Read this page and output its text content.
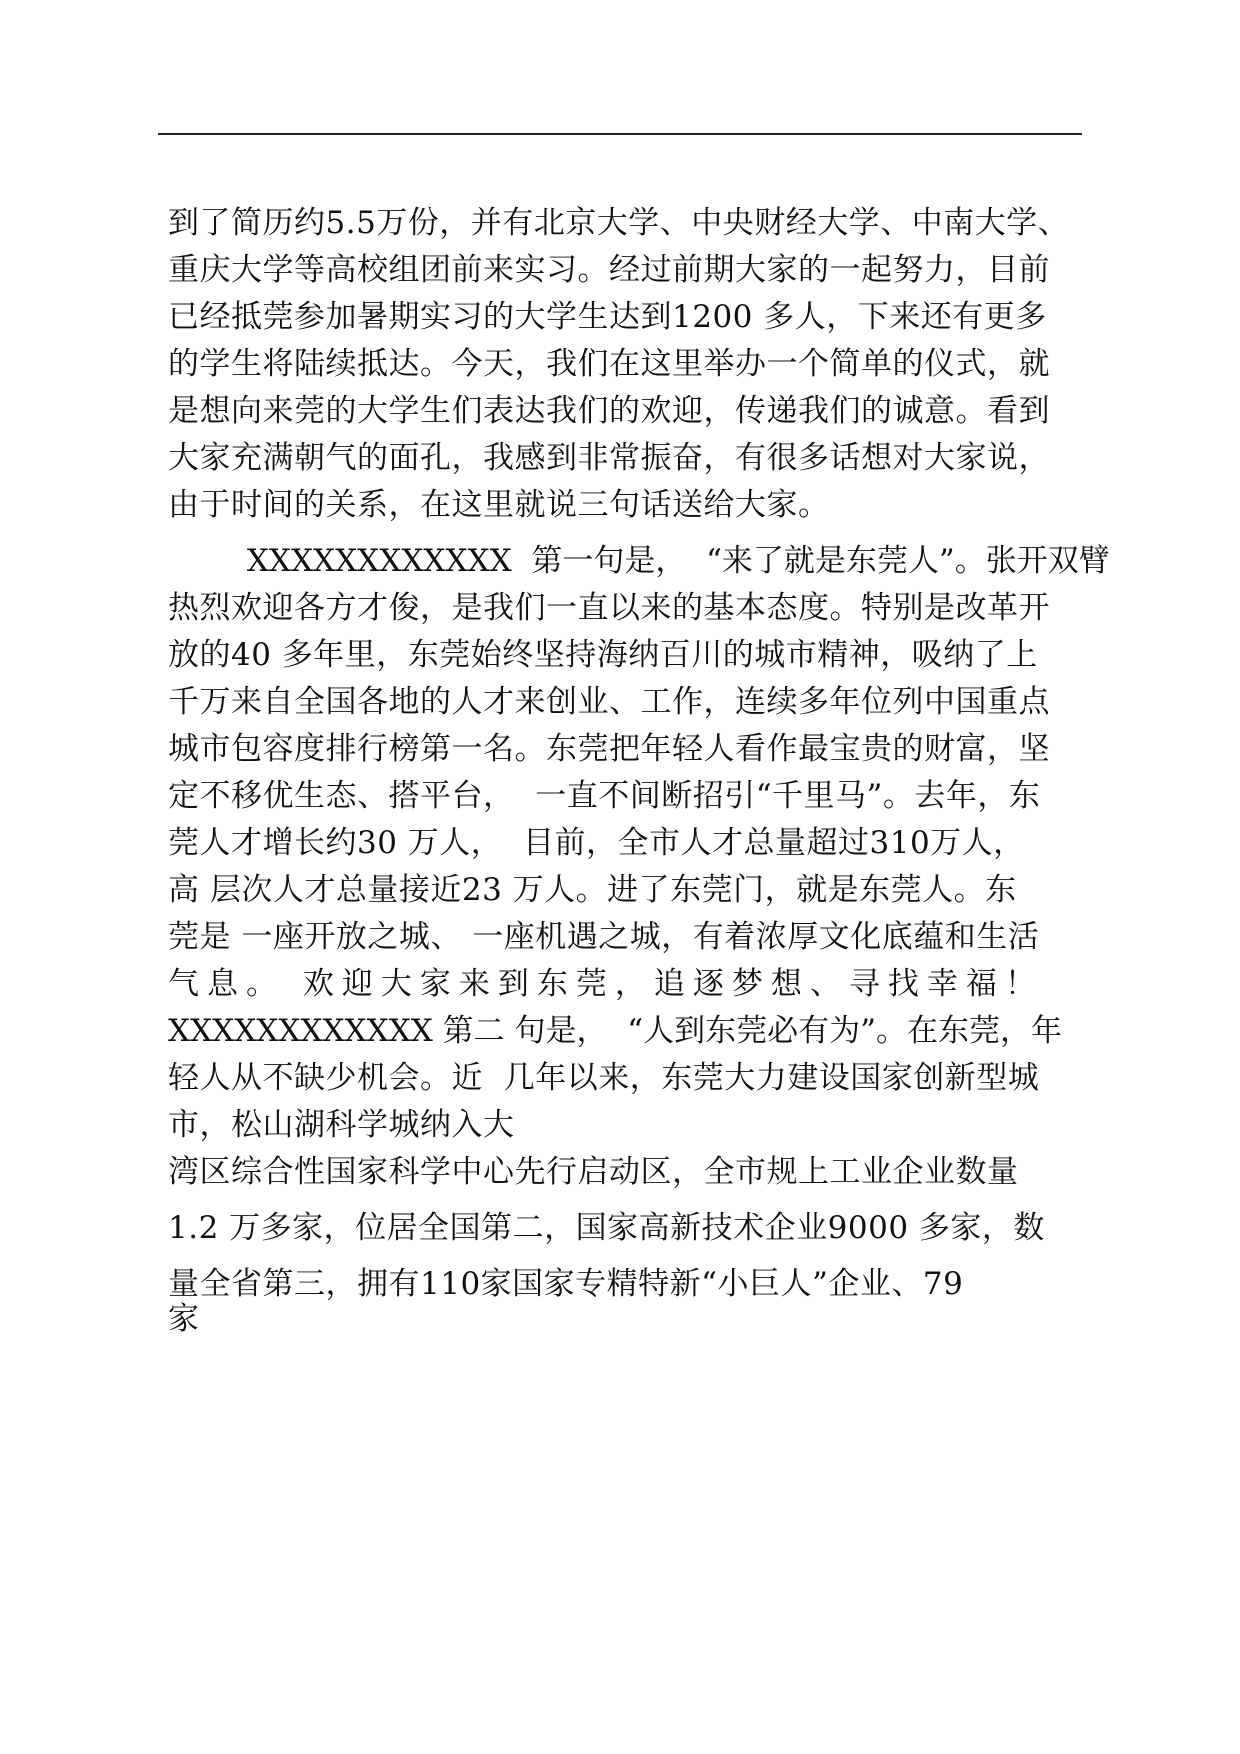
到了简历约5.5万份，并有北京大学、中央财经大学、中南大学、
重庆大学等高校组团前来实习。经过前期大家的一起努力，目前
已经抵莞参加暑期实习的大学生达到1200 多人，下来还有更多
的学生将陆续抵达。今天，我们在这里举办一个简单的仪式，就
是想向来莞的大学生们表达我们的欢迎，传递我们的诚意。看到
大家充满朝气的面孔，我感到非常振奋，有很多话想对大家说，
由于时间的关系，在这里就说三句话送给大家。
XXXXXXXXXXXX  第一句是，  “来了就是东莞人”。张开双臂
热烈欢迎各方才俊，是我们一直以来的基本态度。特别是改革开
放的40 多年里，东莞始终坚持海纳百川的城市精神，吸纳了上
千万来自全国各地的人才来创业、工作，连续多年位列中国重点
城市包容度排行榜第一名。东莞把年轻人看作最宝贵的财富，坚
定不移优生态、搭平台，  一直不间断招引“千里马”。去年，东
莞人才增长约30 万人，  目前，全市人才总量超过310万人，
高 层次人才总量接近23 万人。进了东莞门，就是东莞人。东
莞是 一座开放之城、 一座机遇之城，有着浓厚文化底蕴和生活
气息。 欢迎大家来到东莞，追逐梦想、寻找幸福！
XXXXXXXXXXXX 第二 句是，  “人到东莞必有为”。在东莞，年
轻人从不缺少机会。近  几年以来，东莞大力建设国家创新型城
市，松山湖科学城纳入大
湾区综合性国家科学中心先行启动区，全市规上工业企业数量
1.2 万多家，位居全国第二，国家高新技术企业9000 多家，数
量全省第三，拥有110家国家专精特新“小巨人”企业、79
家
